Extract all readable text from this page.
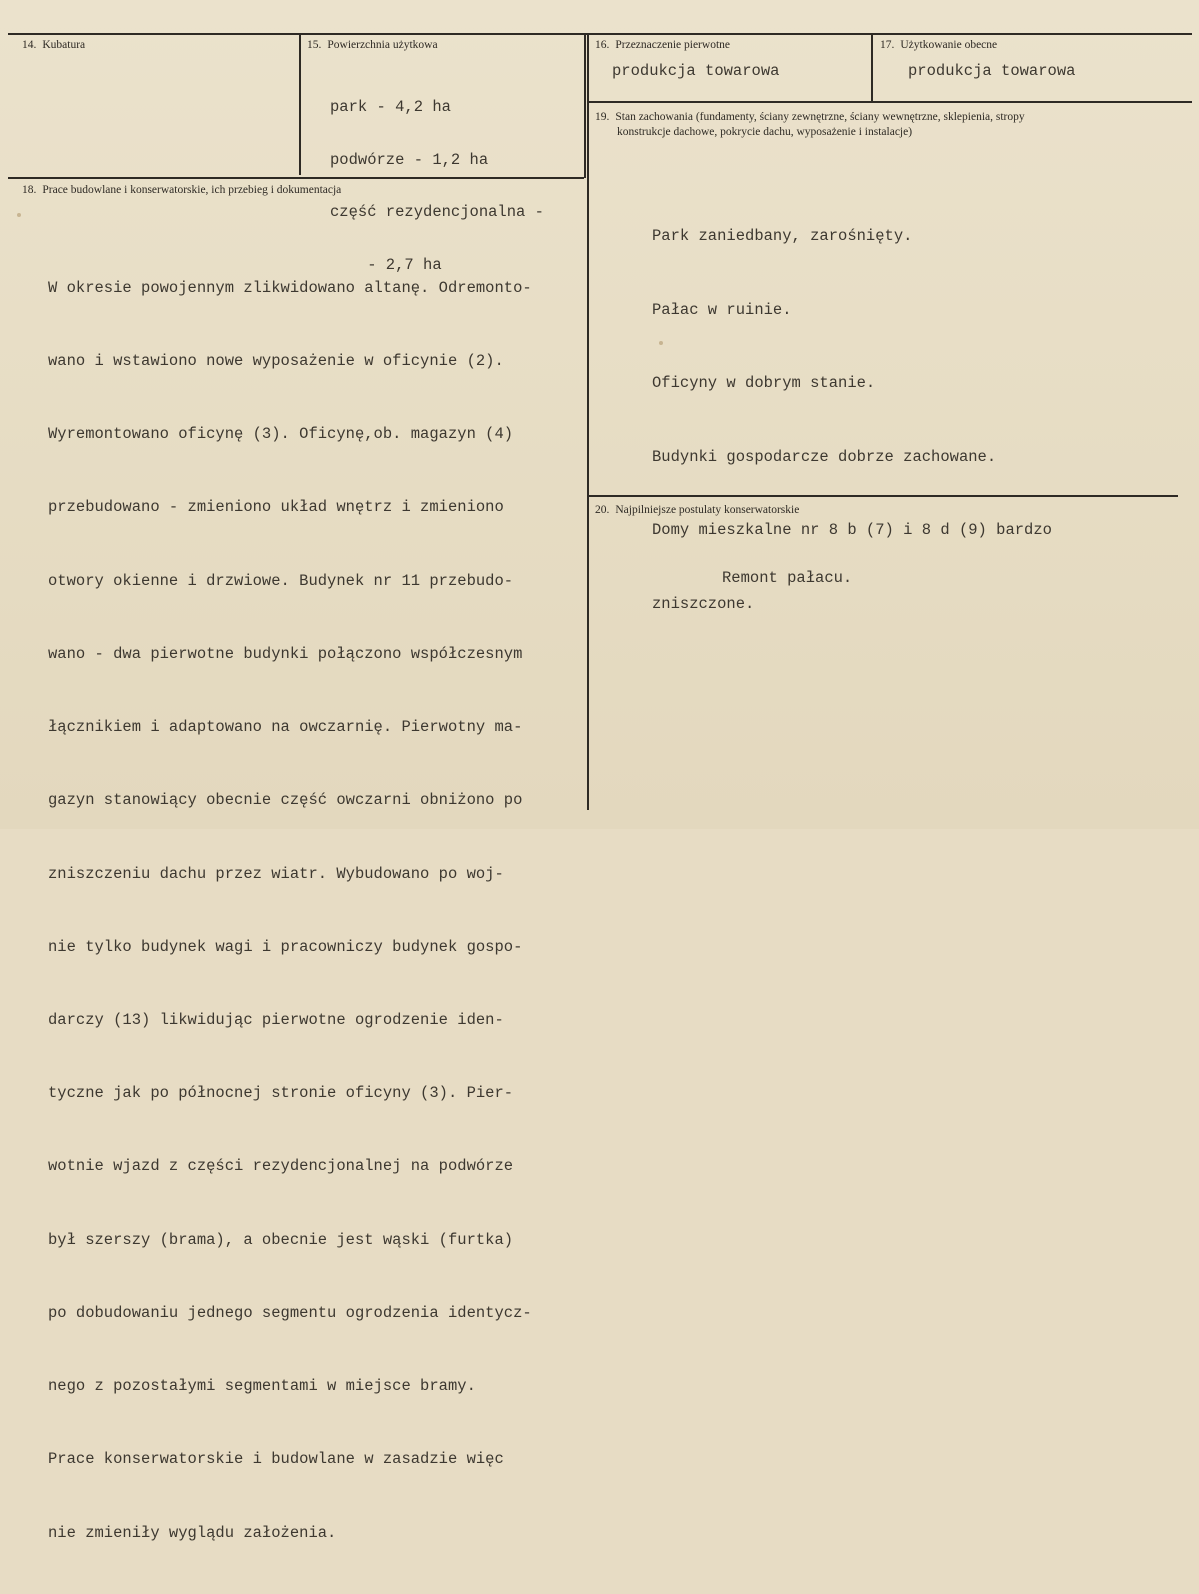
14. Kubatura	15. Powierzchnia użytkowa

park - 4,2 ha

podwórze - 1,2 ha

część rezydencjonalna -

- 2,7 ha

16. Przeznaczenie pierwotne
produkcja towarowa
17. Użytkowanie obecne
produkcja towarowa
18. Prace budowlane i konserwatorskie, ich przebieg i dokumentacja

W okresie powojennym zlikwidowano altanę. Odremonto-

wano i wstawiono nowe wyposażenie w oficynie (2).

Wyremontowano oficynę (3). Oficynę,ob. magazyn (4)

przebudowano - zmieniono układ wnętrz i zmieniono

otwory okienne i drzwiowe. Budynek nr 11 przebudo-

wano - dwa pierwotne budynki połączono współczesnym

łącznikiem i adaptowano na owczarnię. Pierwotny ma-

gazyn stanowiący obecnie część owczarni obniżono po

zniszczeniu dachu przez wiatr. Wybudowano po woj-

nie tylko budynek wagi i pracowniczy budynek gospo-

darczy (13) likwidując pierwotne ogrodzenie iden-

tyczne jak po północnej stronie oficyny (3). Pier-

wotnie wjazd z części rezydencjonalnej na podwórze

był szerszy (brama), a obecnie jest wąski (furtka)

po dobudowaniu jednego segmentu ogrodzenia identycz-

nego z pozostałymi segmentami w miejsce bramy.

Prace konserwatorskie i budowlane w zasadzie więc

nie zmieniły wyglądu założenia.

19. Stan zachowania (fundamenty, ściany zewnętrzne, ściany wewnętrzne, sklepienia, stropy
konstrukcje dachowe, pokrycie dachu, wyposażenie i instalacje)

Park zaniedbany, zarośnięty.

Pałac w ruinie.

Oficyny w dobrym stanie.

Budynki gospodarcze dobrze zachowane.

Domy mieszkalne nr 8 b (7) i 8 d (9) bardzo

zniszczone.

20. Najpilniejsze postulaty konserwatorskie
Remont pałacu.
